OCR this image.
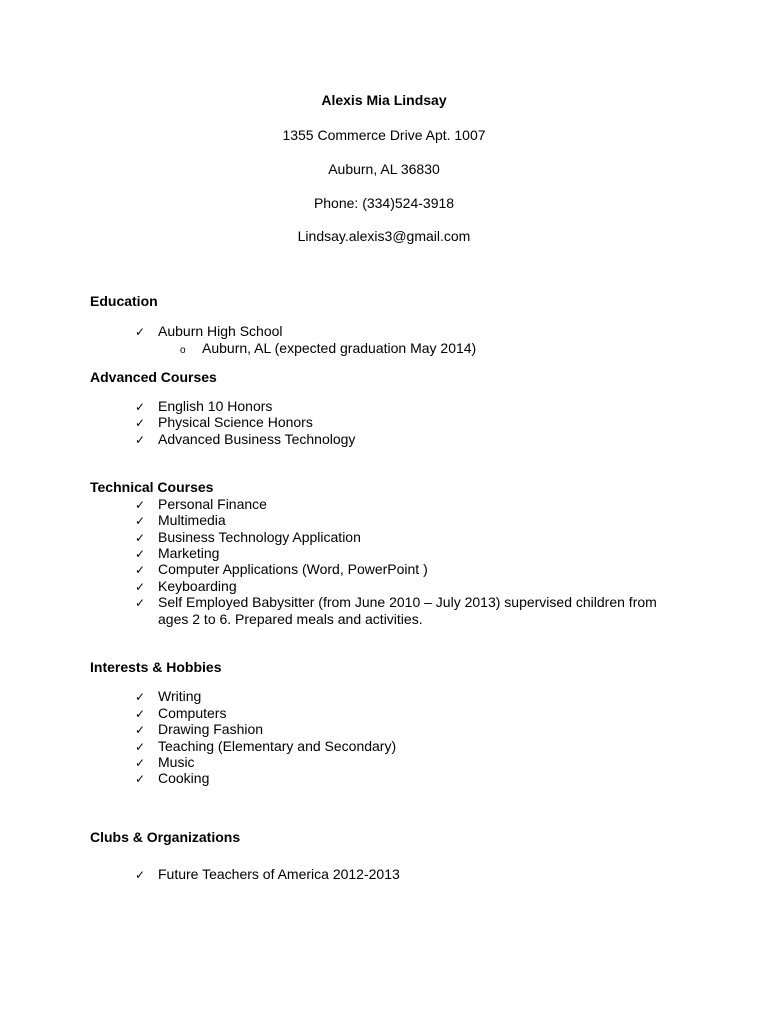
Alexis Mia Lindsay
1355 Commerce Drive Apt. 1007
Auburn, AL 36830
Phone: (334)524-3918
Lindsay.alexis3@gmail.com
Education
✓ Auburn High School
o Auburn, AL (expected graduation May 2014)
Advanced Courses
✓ English 10 Honors
✓ Physical Science Honors
✓ Advanced Business Technology
Technical Courses
✓ Personal Finance
✓ Multimedia
✓ Business Technology Application
✓ Marketing
✓ Computer Applications (Word, PowerPoint )
✓ Keyboarding
✓ Self Employed Babysitter (from June 2010 – July 2013) supervised children from ages 2 to 6. Prepared meals and activities.
Interests & Hobbies
✓ Writing
✓ Computers
✓ Drawing Fashion
✓ Teaching (Elementary and Secondary)
✓ Music
✓ Cooking
Clubs & Organizations
✓ Future Teachers of America 2012-2013
